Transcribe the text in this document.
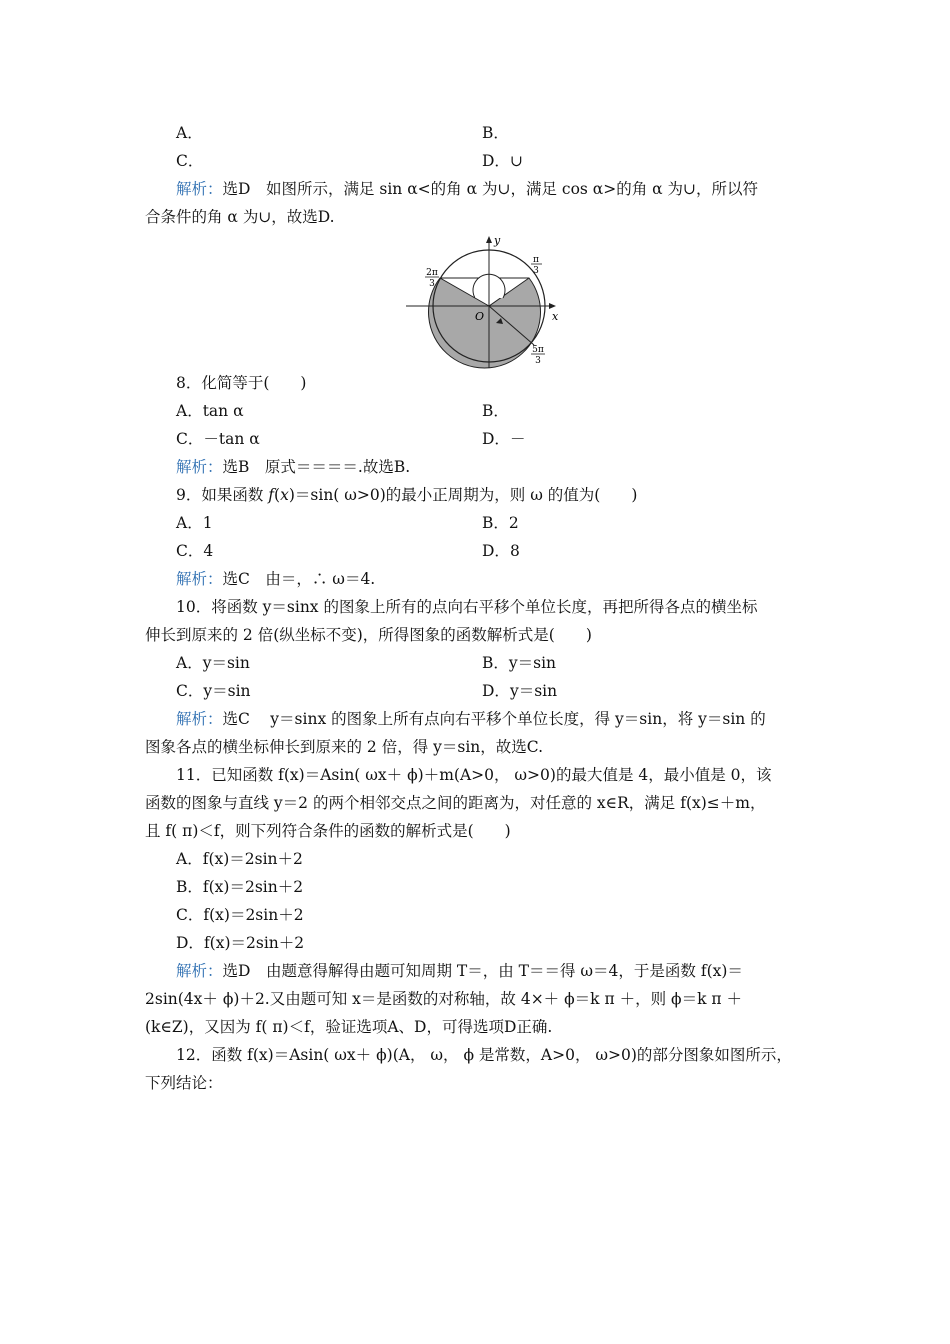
A．	B．
C．	D．∪
解析：选D　如图所示，满足 sin α<的角 α 为∪，满足 cos α>的角 α 为∪，所以符
合条件的角 α 为∪，故选D.
y
x
O
π
3
2π
3
5π
3
8．化简等于(　　)
A．tan α	B．
C．－tan α	D．－
解析：选B　原式＝＝＝＝.故选B.
9．如果函数 f(x)＝sin( ω>0)的最小正周期为，则 ω 的值为(　　)
A．1	B．2
C．4	D．8
解析：选C　由＝，∴ ω＝4.
10．将函数 y＝sinx 的图象上所有的点向右平移个单位长度，再把所得各点的横坐标
伸长到原来的 2 倍(纵坐标不变)，所得图象的函数解析式是(　　)
A．y＝sin	B．y＝sin
C．y＝sin	D．y＝sin
解析：选C　 y＝sinx 的图象上所有点向右平移个单位长度，得 y＝sin，将 y＝sin 的
图象各点的横坐标伸长到原来的 2 倍，得 y＝sin，故选C.
11．已知函数 f(x)＝Asin( ωx＋ ϕ)＋m(A>0， ω>0)的最大值是 4，最小值是 0，该
函数的图象与直线 y＝2 的两个相邻交点之间的距离为，对任意的 x∈R，满足 f(x)≤＋m，
且 f( π)＜f，则下列符合条件的函数的解析式是(　　)
A．f(x)＝2sin＋2
B．f(x)＝2sin＋2
C．f(x)＝2sin＋2
D．f(x)＝2sin＋2
解析：选D　由题意得解得由题可知周期 T＝，由 T＝＝得 ω＝4，于是函数 f(x)＝
2sin(4x＋ ϕ)＋2.又由题可知 x＝是函数的对称轴，故 4×＋ ϕ＝k π ＋，则 ϕ＝k π ＋
(k∈Z)，又因为 f( π)＜f，验证选项A、D，可得选项D正确.
12．函数 f(x)＝Asin( ωx＋ ϕ)(A， ω， ϕ 是常数，A>0， ω>0)的部分图象如图所示，
下列结论：
